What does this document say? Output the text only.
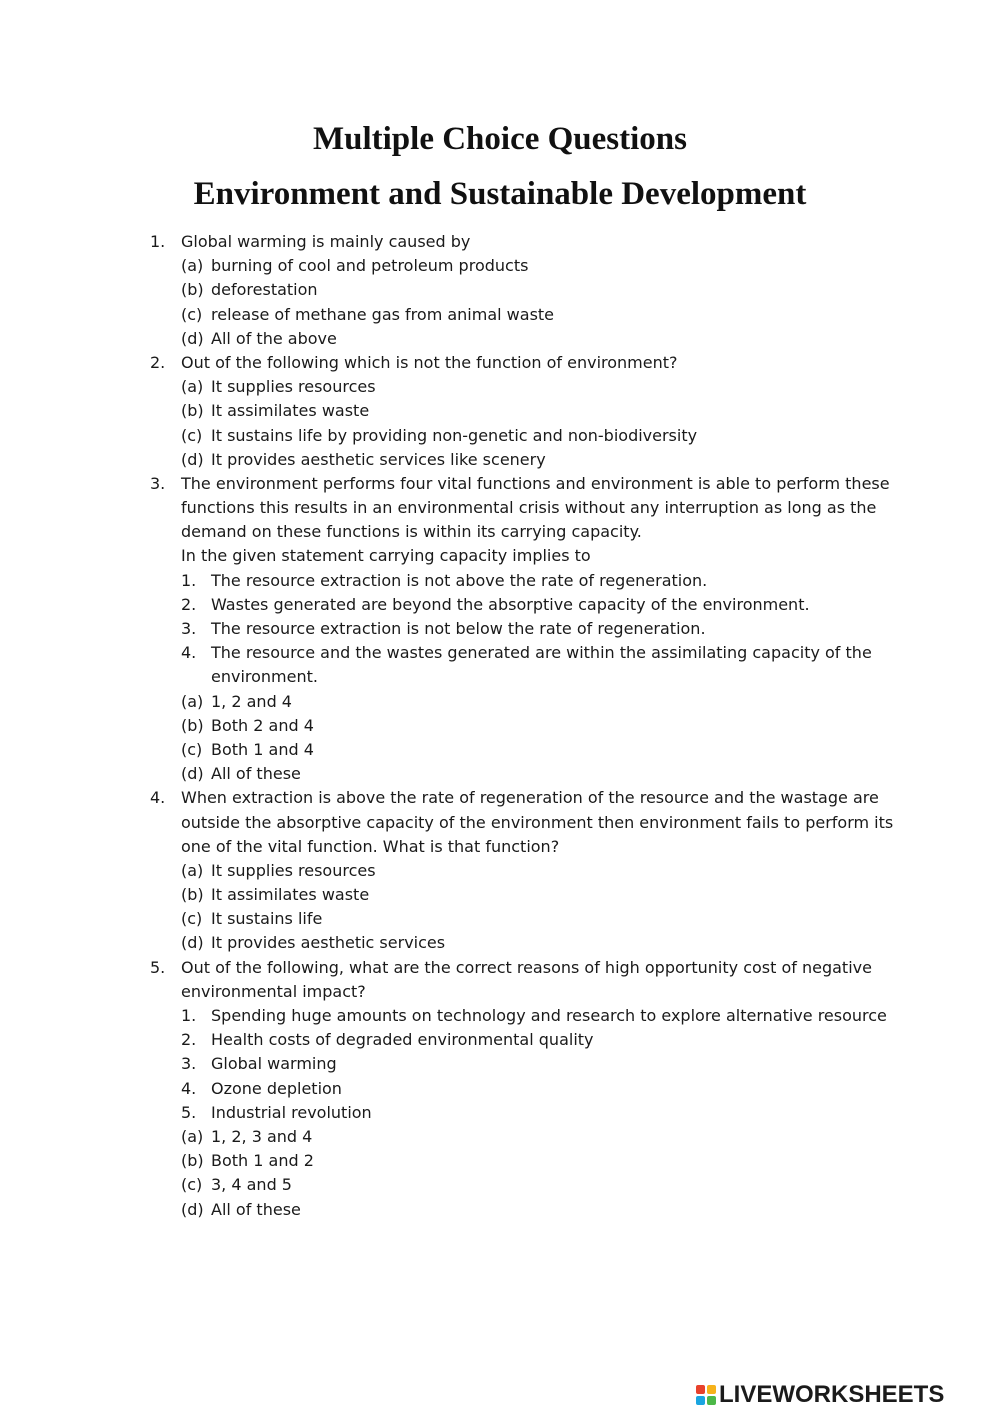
Multiple Choice Questions
Environment and Sustainable Development
1. Global warming is mainly caused by
(a) burning of cool and petroleum products
(b) deforestation
(c) release of methane gas from animal waste
(d) All of the above
2. Out of the following which is not the function of environment?
(a) It supplies resources
(b) It assimilates waste
(c) It sustains life by providing non-genetic and non-biodiversity
(d) It provides aesthetic services like scenery
3. The environment performs four vital functions and environment is able to perform these
functions this results in an environmental crisis without any interruption as long as the
demand on these functions is within its carrying capacity.
In the given statement carrying capacity implies to
1. The resource extraction is not above the rate of regeneration.
2. Wastes generated are beyond the absorptive capacity of the environment.
3. The resource extraction is not below the rate of regeneration.
4. The resource and the wastes generated are within the assimilating capacity of the
environment.
(a) 1, 2 and 4
(b) Both 2 and 4
(c) Both 1 and 4
(d) All of these
4. When extraction is above the rate of regeneration of the resource and the wastage are
outside the absorptive capacity of the environment then environment fails to perform its
one of the vital function. What is that function?
(a) It supplies resources
(b) It assimilates waste
(c) It sustains life
(d) It provides aesthetic services
5. Out of the following, what are the correct reasons of high opportunity cost of negative
environmental impact?
1. Spending huge amounts on technology and research to explore alternative resource
2. Health costs of degraded environmental quality
3. Global warming
4. Ozone depletion
5. Industrial revolution
(a) 1, 2, 3 and 4
(b) Both 1 and 2
(c) 3, 4 and 5
(d) All of these
LIVEWORKSHEETS
